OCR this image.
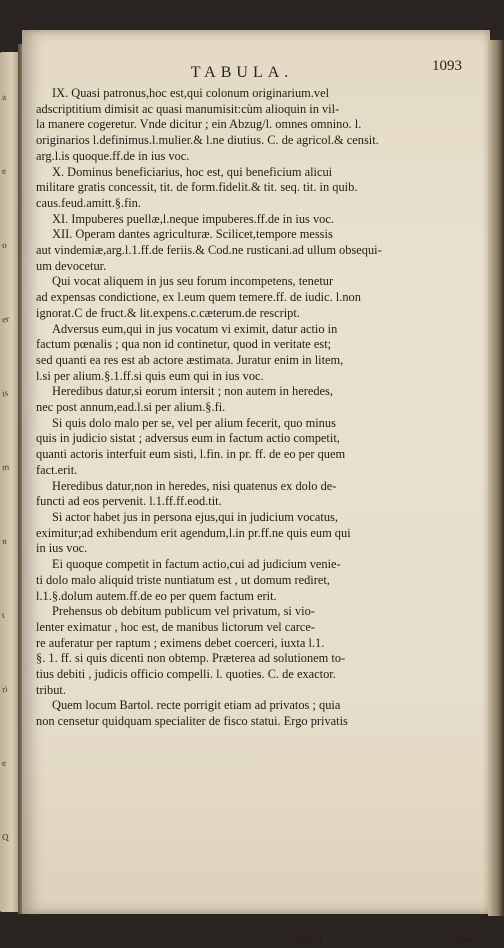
a
e
o
er
is
m
n
t
ri
e
Q
TABULA.	1093
IX. Quasi patronus,hoc est,qui colonum originarium.vel
adscriptitium dimisit ac quasi manumisit:cùm alioquin in vil-
la manere cogeretur. Vnde dicitur ; ein Abzug/l. omnes omnino. l.
originarios l.definimus.l.mulier.& l.ne diutius. C. de agricol.& censit.
arg.l.is quoque.ff.de in ius voc.
X. Dominus beneficiarius, hoc est, qui beneficium alicui
militare gratis concessit, tit. de form.fidelit.& tit. seq. tit. in quib.
caus.feud.amitt.§.fin.
XI. Impuberes puellæ,l.neque impuberes.ff.de in ius voc.
XII. Operam dantes agriculturæ. Scilicet,tempore messis
aut vindemiæ,arg.l.1.ff.de feriis.& Cod.ne rusticani.ad ullum obsequi-
um devocetur.
Qui vocat aliquem in jus seu forum incompetens, tenetur
ad expensas condictione, ex l.eum quem temere.ff. de iudic. l.non
ignorat.C de fruct.& lit.expens.c.cæterum.de rescript.
Adversus eum,qui in jus vocatum vi eximit, datur actio in
factum pœnalis ; qua non id continetur, quod in veritate est;
sed quanti ea res est ab actore æstimata. Juratur enim in litem,
l.si per alium.§.1.ff.si quis eum qui in ius voc.
Heredibus datur,si eorum intersit ; non autem in heredes,
nec post annum,ead.l.si per alium.§.fi.
Si quis dolo malo per se, vel per alium fecerit, quo minus
quis in judicio sistat ; adversus eum in factum actio competit,
quanti actoris interfuit eum sisti, l.fin. in pr. ff. de eo per quem
fact.erit.
Heredibus datur,non in heredes, nisi quatenus ex dolo de-
functi ad eos pervenit. l.1.ff.ff.eod.tit.
Si actor habet jus in persona ejus,qui in judicium vocatus,
eximitur;ad exhibendum erit agendum,l.in pr.ff.ne quis eum qui
in ius voc.
Ei quoque competit in factum actio,cui ad judicium venie-
ti dolo malo aliquid triste nuntiatum est , ut domum rediret,
l.1.§.dolum autem.ff.de eo per quem factum erit.
Prehensus ob debitum publicum vel privatum, si vio-
lenter eximatur , hoc est, de manibus lictorum vel carce-
re auferatur per raptum ; eximens debet coerceri, iuxta l.1.
§. 1. ff. si quis dicenti non obtemp. Præterea ad solutionem to-
tius debiti , judicis officio compelli. l. quoties. C. de exactor.
tribut.
Quem locum Bartol. recte porrigit etiam ad privatos ; quia
non censetur quidquam specialiter de fisco statui. Ergo privatis
Zzz 3	quo-
